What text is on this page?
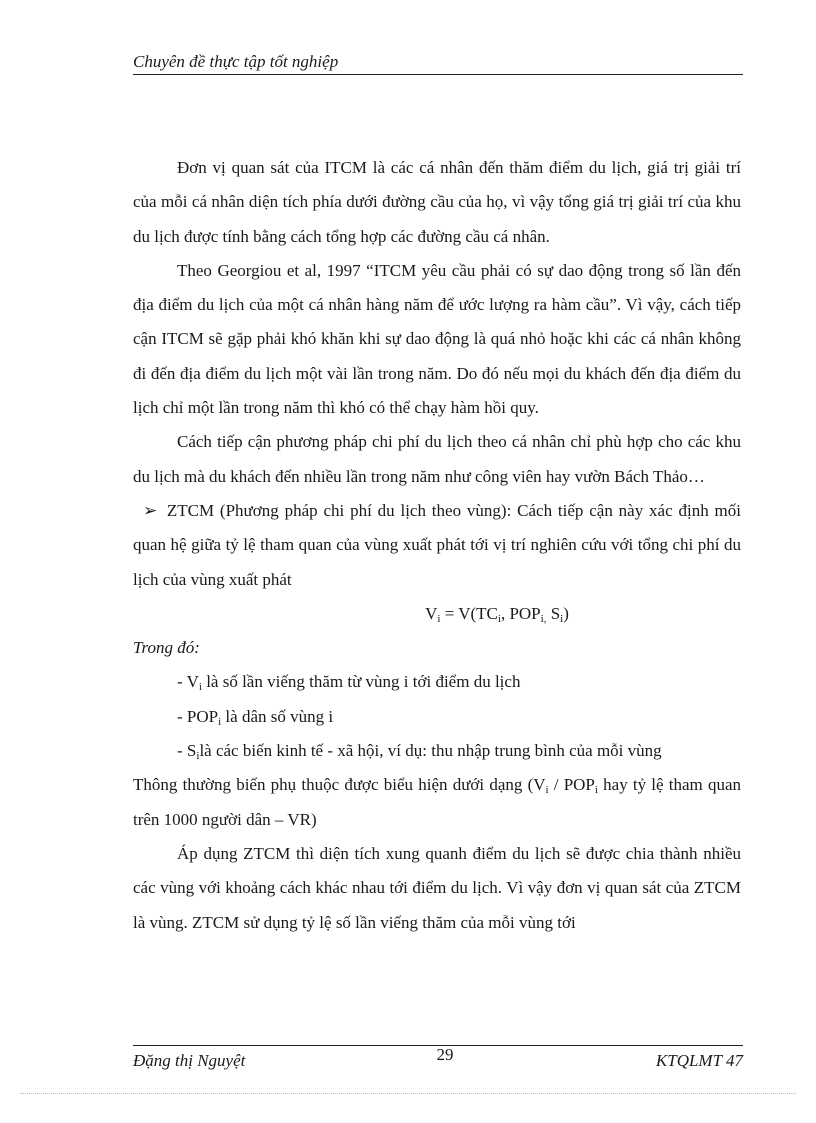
Chuyên đề thực tập tốt nghiệp

Đơn vị quan sát của ITCM là các cá nhân đến thăm điểm du lịch, giá trị giải trí của mỗi cá nhân diện tích phía dưới đường cầu của họ, vì vậy tổng giá trị giải trí của khu du lịch được tính bằng cách tổng hợp các đường cầu cá nhân.

Theo Georgiou et al, 1997 “ITCM yêu cầu phải có sự dao động trong số lần đến địa điểm du lịch của một cá nhân hàng năm để ước lượng ra hàm cầu”. Vì vậy, cách tiếp cận ITCM sẽ gặp phải khó khăn khi sự dao động là quá nhỏ hoặc khi các cá nhân không đi đến địa điểm du lịch một vài lần trong năm. Do đó nếu mọi du khách đến địa điểm du lịch chỉ một lần trong năm thì khó có thể chạy hàm hồi quy.

Cách tiếp cận phương pháp chi phí du lịch theo cá nhân chỉ phù hợp cho các khu du lịch mà du khách đến nhiều lần trong năm như công viên hay vườn Bách Thảo…

➢ ZTCM (Phương pháp chi phí du lịch theo vùng): Cách tiếp cận này xác định mối quan hệ giữa tỷ lệ tham quan của vùng xuất phát tới vị trí nghiên cứu với tổng chi phí du lịch của vùng xuất phát

$V_i = V(TC_i$, $POP_{i,}$ $S_i$)

Trong đó:

- $V_i$ là số lần viếng thăm từ vùng i tới điểm du lịch

- $POP_i$ là dân số vùng i

- $S_ilà$ các biến kinh tế - xã hội, ví dụ: thu nhập trung bình của mỗi vùng

Thông thường biến phụ thuộc được biểu hiện dưới dạng ($V_i / POP_i$ hay tỷ lệ tham quan trên 1000 người dân – VR)

Áp dụng ZTCM thì diện tích xung quanh điểm du lịch sẽ được chia thành nhiều các vùng với khoảng cách khác nhau tới điểm du lịch. Vì vậy đơn vị quan sát của ZTCM là vùng. ZTCM sử dụng tỷ lệ số lần viếng thăm của mỗi vùng tới

Đặng thị Nguyệt	29	KTQLMT 47
